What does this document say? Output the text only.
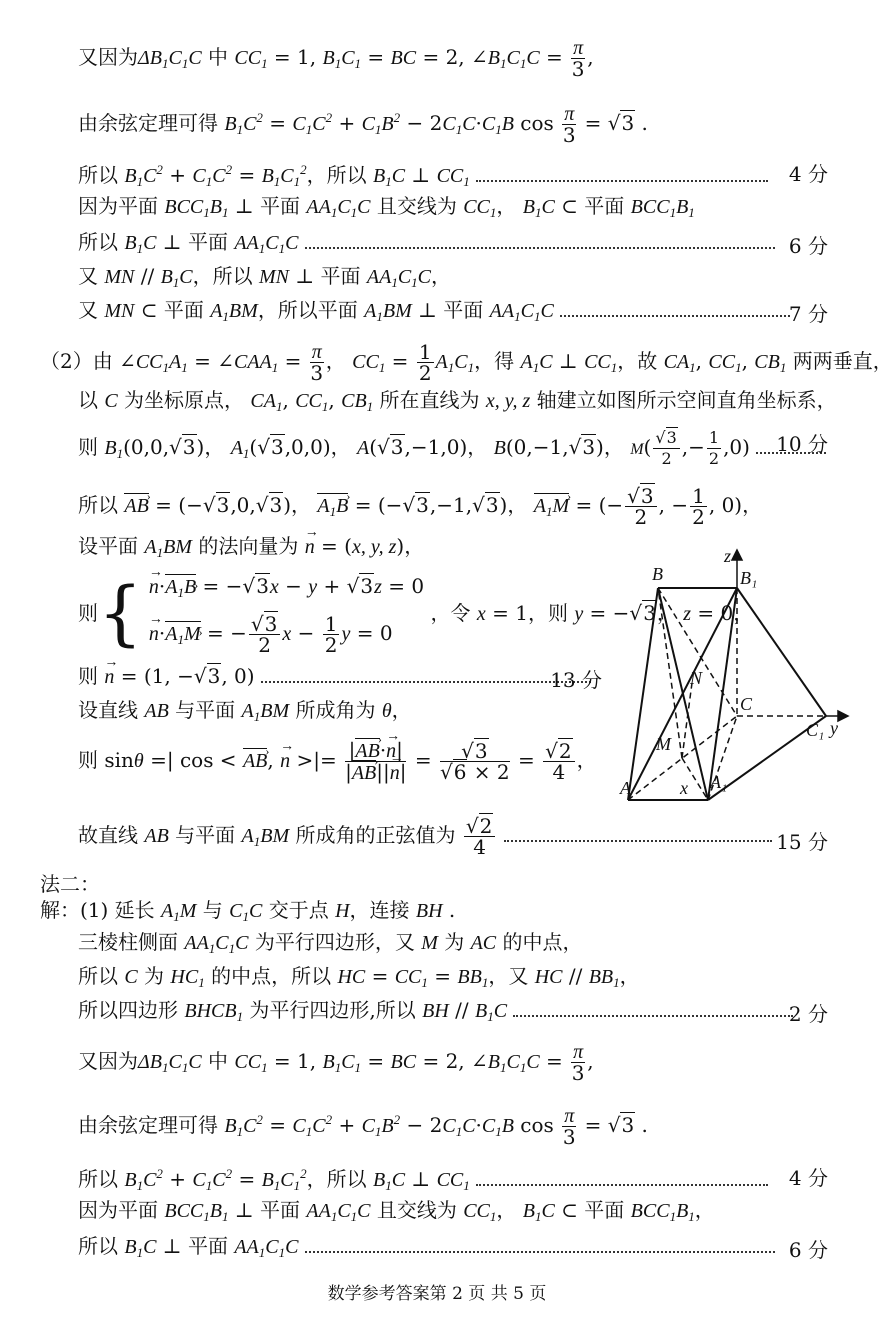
又因为$\Delta B_1C_1C$ 中 $CC_1 = 1$, $B_1C_1$ = BC = 2, $\angle B_1C_1C = \frac{\pi}{3}$ ,
由余弦定理可得 $B_1C^2 = C_1C^2 + C_1B^2 - 2C_1C\cdot C_1B$ $\cos \frac{\pi}{3} = √3$ .
所以 $B_1C^2 + C_1C^2 = B_1C_1^2$，所以 $B_1C$ ⊥ $CC_1$	4 分
因为平面 $BCC_1B_1$ ⊥ 平面 $AA_1C_1C$ 且交线为 $CC_1$， $B_1C$ ⊂ 平面 $BCC_1B_1$
所以 $B_1C$ ⊥ 平面 $AA_1C_1C$	6 分
又 MN // $B_1C$，所以 MN ⊥ 平面 $AA_1C_1C$，
又 MN ⊂ 平面 $A_1BM$，所以平面 $A_1BM$ ⊥ 平面 $AA_1C_1C$	7 分
（2）由 $\angle CC_1A_1$ = $\angle CAA_1 = \frac{\pi}{3}$ ， $CC_1 = \frac{1}{2} A_1C_1$，得 $A_1C$ ⊥ $CC_1$，故 $CA_1$, $CC_1$, $CB_1$ 两两垂直，
以 C 为坐标原点， $CA_1$, $CC_1$, $CB_1$ 所在直线为 x, y, z 轴建立如图所示空间直角坐标系，
则 $B_1(0,0,√3)$， $A_1(√3,0,0)$， A(√3,−1,0)， B(0,−1,√3)， $M( \frac{√3}{2}$ ,− $\frac{1}{2} ,0$) 10 分
所以 AB › = (−√3,0,√3)， $A_1B$ › = (−√3,−1,√3)， $A_1M$ › = (− $\frac{√3}{2}$ , − $\frac{1}{2}$ , 0)，
设平面 $A_1BM$ 的法向量为 → n = (x, y, z)，
则{
→ $n\cdot A_1B$ › = −√3x − y + √3z = 0
→ $n\cdot A_1M$ › = − $\frac{√3}{2}$ $x - \frac{1}{2}$ y = 0
，令 x = 1，则 y = −√3， z = 0，
则 → n = (1, −√3, 0)	13 分
设直线 AB 与平面 $A_1BM$ 所成角为 θ，
则 sinθ =| cos < AB ›, → n >|= $\frac{|AB ›\cdot\to n|}{|AB ›||\to n|} = \frac{√3}{√6 \times 2} = \frac{√2}{4}$ ，
故直线 AB 与平面 $A_1BM$ 所成角的正弦值为 $\frac{√2}{4}$
	15 分
法二：
解：(1) 延长 $A_1M$ 与 $C_1C$ 交于点 H，连接 BH .
三棱柱侧面 $AA_1C_1C$ 为平行四边形，又 M 为 AC 的中点，
所以 C 为 $HC_1$ 的中点，所以 HC = $CC_1 = BB_1$，又 HC // $BB_1$，
所以四边形 $BHCB_1$ 为平行四边形,所以 BH // $B_1C$	2 分
又因为$\Delta B_1C_1C$ 中 $CC_1 = 1$, $B_1C_1$ = BC = 2, $\angle B_1C_1C = \frac{\pi}{3}$ ,
由余弦定理可得 $B_1C^2 = C_1C^2 + C_1B^2 - 2C_1C\cdot C_1B$ $\cos \frac{\pi}{3} = √3$ .
所以 $B_1C^2 + C_1C^2 = B_1C_1^2$，所以 $B_1C$ ⊥ $CC_1$	4 分
因为平面 $BCC_1B_1$ ⊥ 平面 $AA_1C_1C$ 且交线为 $CC_1$， $B_1C$ ⊂ 平面 $BCC_1B_1$，
所以 $B_1C$ ⊥ 平面 $AA_1C_1C$	6 分
B	B₁
z
N
C
C₁ y
M
A	x A₁
数学参考答案第 2 页 共 5 页
